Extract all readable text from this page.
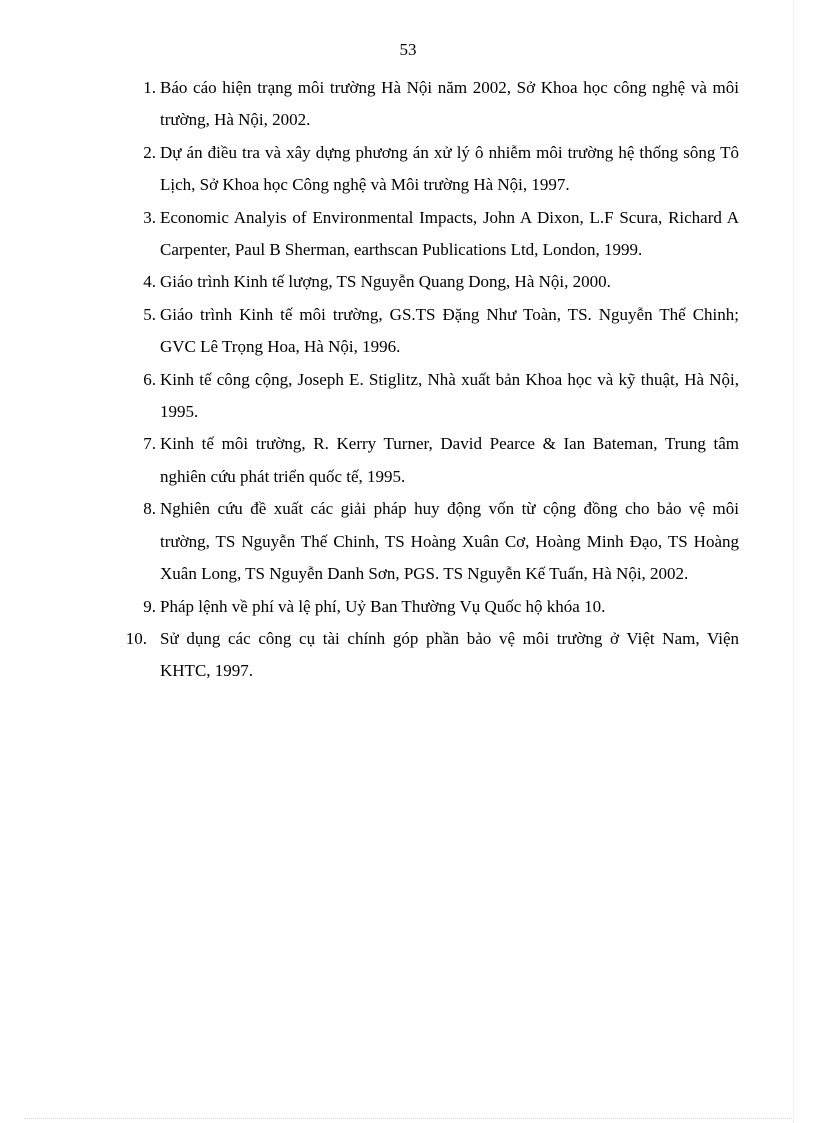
53
1. Báo cáo hiện trạng môi trường Hà Nội năm 2002, Sở Khoa học công nghệ và môi trường, Hà Nội, 2002.
2. Dự án điều tra và xây dựng phương án xử lý ô nhiễm môi trường hệ thống sông Tô Lịch, Sở Khoa học Công nghệ và Môi trường Hà Nội, 1997.
3. Economic Analyis of Environmental Impacts, John A Dixon, L.F Scura, Richard A Carpenter, Paul B Sherman, earthscan Publications Ltd, London, 1999.
4. Giáo trình Kinh tế lượng, TS Nguyễn Quang Dong, Hà Nội, 2000.
5. Giáo trình Kinh tế môi trường, GS.TS Đặng Như Toàn, TS. Nguyễn Thế Chinh; GVC Lê Trọng Hoa, Hà Nội, 1996.
6. Kinh tế công cộng, Joseph E. Stiglitz, Nhà xuất bản Khoa học và kỹ thuật, Hà Nội, 1995.
7. Kinh tế môi trường, R. Kerry Turner, David Pearce & Ian Bateman, Trung tâm nghiên cứu phát triển quốc tế, 1995.
8. Nghiên cứu đề xuất các giải pháp huy động vốn từ cộng đồng cho bảo vệ môi trường, TS Nguyễn Thế Chinh, TS Hoàng Xuân Cơ, Hoàng Minh Đạo, TS Hoàng Xuân Long, TS Nguyễn Danh Sơn, PGS. TS Nguyễn Kế Tuấn, Hà Nội, 2002.
9. Pháp lệnh về phí và lệ phí, Uỷ Ban Thường Vụ Quốc hộ khóa 10.
10. Sử dụng các công cụ tài chính góp phần bảo vệ môi trường ở Việt Nam, Viện KHTC, 1997.
